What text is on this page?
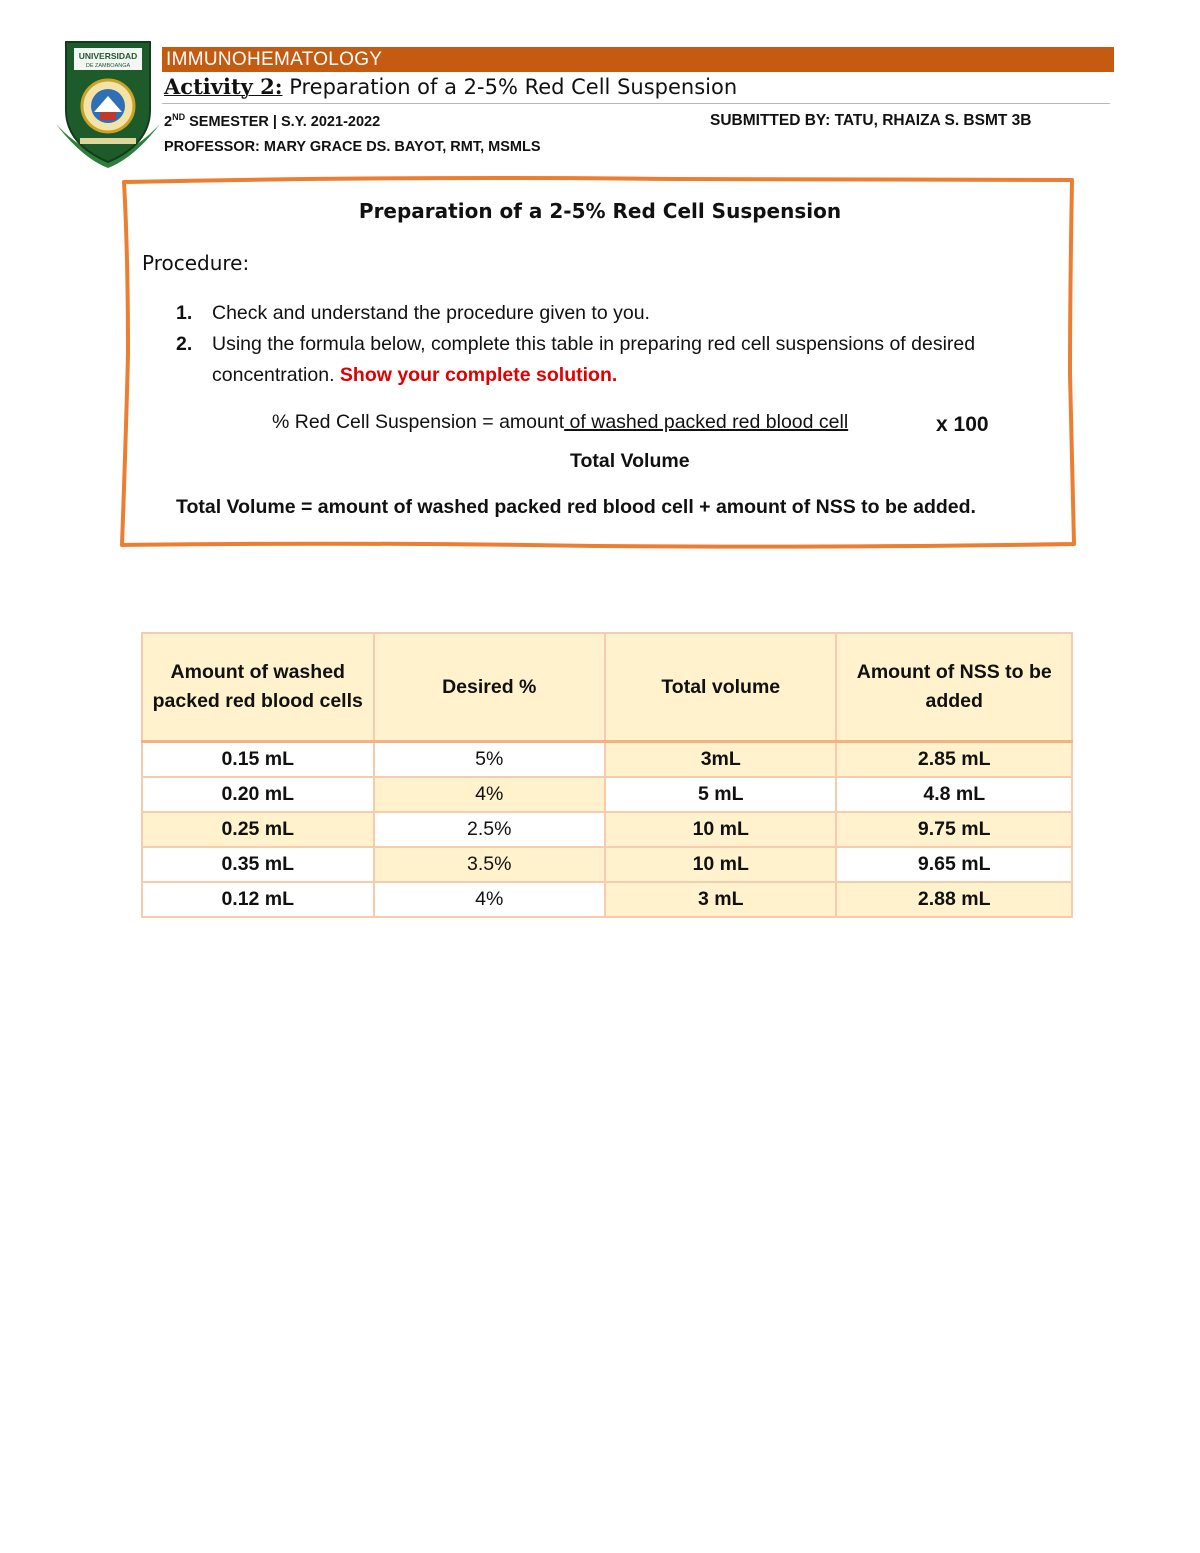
UNIVERSIDAD
DE ZAMBOANGA IMMUNOHEMATOLOGY
Activity 2: Preparation of a 2-5% Red Cell Suspension
2ND SEMESTER | S.Y. 2021-2022	SUBMITTED BY: TATU, RHAIZA S. BSMT 3B
PROFESSOR: MARY GRACE DS. BAYOT, RMT, MSMLS
Preparation of a 2-5% Red Cell Suspension
Procedure:
1. Check and understand the procedure given to you.
2. Using the formula below, complete this table in preparing red cell suspensions of desired concentration. Show your complete solution.
% Red Cell Suspension = amount of washed packed red blood cell	x 100
Total Volume
Total Volume = amount of washed packed red blood cell + amount of NSS to be added.
Amount of washed packed red blood cells	Desired %	Total volume	Amount of NSS to be added
0.15 mL	5%	3mL	2.85 mL
0.20 mL	4%	5 mL	4.8 mL
0.25 mL	2.5%	10 mL	9.75 mL
0.35 mL	3.5%	10 mL	9.65 mL
0.12 mL	4%	3 mL	2.88 mL
